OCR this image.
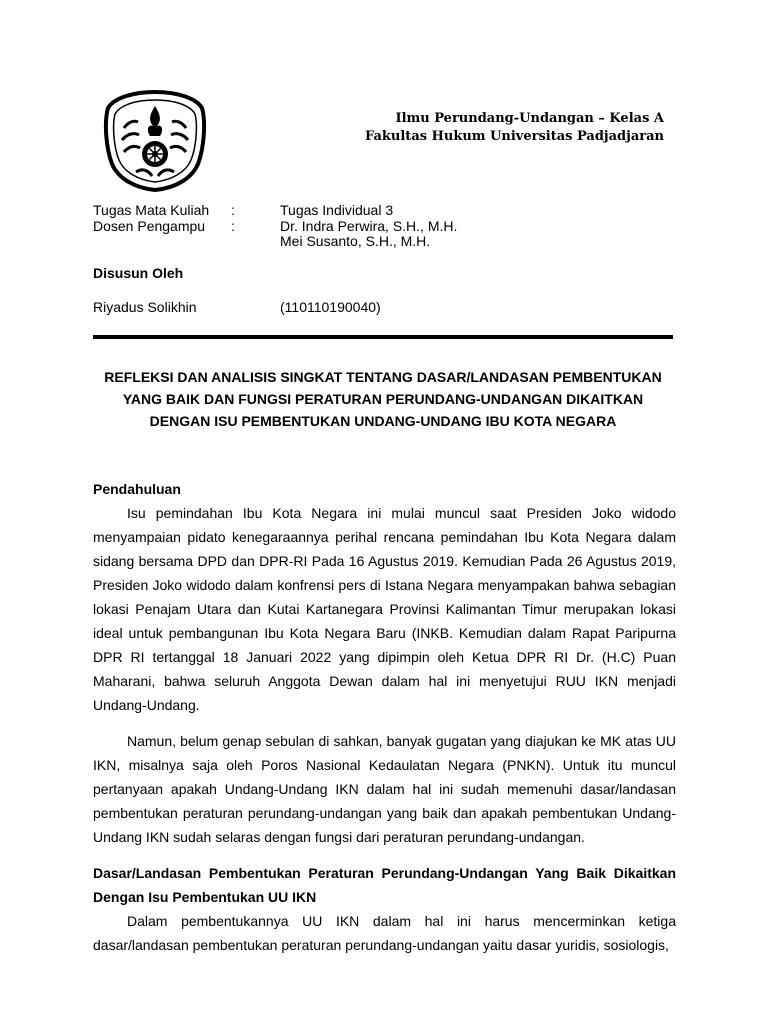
Ilmu Perundang-Undangan – Kelas A
Fakultas Hukum Universitas Padjadjaran
Tugas Mata Kuliah	:	Tugas Individual 3
Dosen Pengampu	:	Dr. Indra Perwira, S.H., M.H.
Mei Susanto, S.H., M.H.
Disusun Oleh
Riyadus Solikhin	(110110190040)
REFLEKSI DAN ANALISIS SINGKAT TENTANG DASAR/LANDASAN PEMBENTUKAN
YANG BAIK DAN FUNGSI PERATURAN PERUNDANG-UNDANGAN DIKAITKAN
DENGAN ISU PEMBENTUKAN UNDANG-UNDANG IBU KOTA NEGARA

Pendahuluan

Isu pemindahan Ibu Kota Negara ini mulai muncul saat Presiden Joko widodo menyampaian pidato kenegaraannya perihal rencana pemindahan Ibu Kota Negara dalam sidang bersama DPD dan DPR-RI Pada 16 Agustus 2019. Kemudian Pada 26 Agustus 2019, Presiden Joko widodo dalam konfrensi pers di Istana Negara menyampakan bahwa sebagian lokasi Penajam Utara dan Kutai Kartanegara Provinsi Kalimantan Timur merupakan lokasi ideal untuk pembangunan Ibu Kota Negara Baru (INKB. Kemudian dalam Rapat Paripurna DPR RI tertanggal 18 Januari 2022 yang dipimpin oleh Ketua DPR RI Dr. (H.C) Puan Maharani, bahwa seluruh Anggota Dewan dalam hal ini menyetujui RUU IKN menjadi Undang-Undang.

Namun, belum genap sebulan di sahkan, banyak gugatan yang diajukan ke MK atas UU IKN, misalnya saja oleh Poros Nasional Kedaulatan Negara (PNKN). Untuk itu muncul pertanyaan apakah Undang-Undang IKN dalam hal ini sudah memenuhi dasar/landasan pembentukan peraturan perundang-undangan yang baik dan apakah pembentukan Undang-Undang IKN sudah selaras dengan fungsi dari peraturan perundang-undangan.

Dasar/Landasan Pembentukan Peraturan Perundang-Undangan Yang Baik Dikaitkan Dengan Isu Pembentukan UU IKN

Dalam pembentukannya UU IKN dalam hal ini harus mencerminkan ketiga dasar/landasan pembentukan peraturan perundang-undangan yaitu dasar yuridis, sosiologis,
